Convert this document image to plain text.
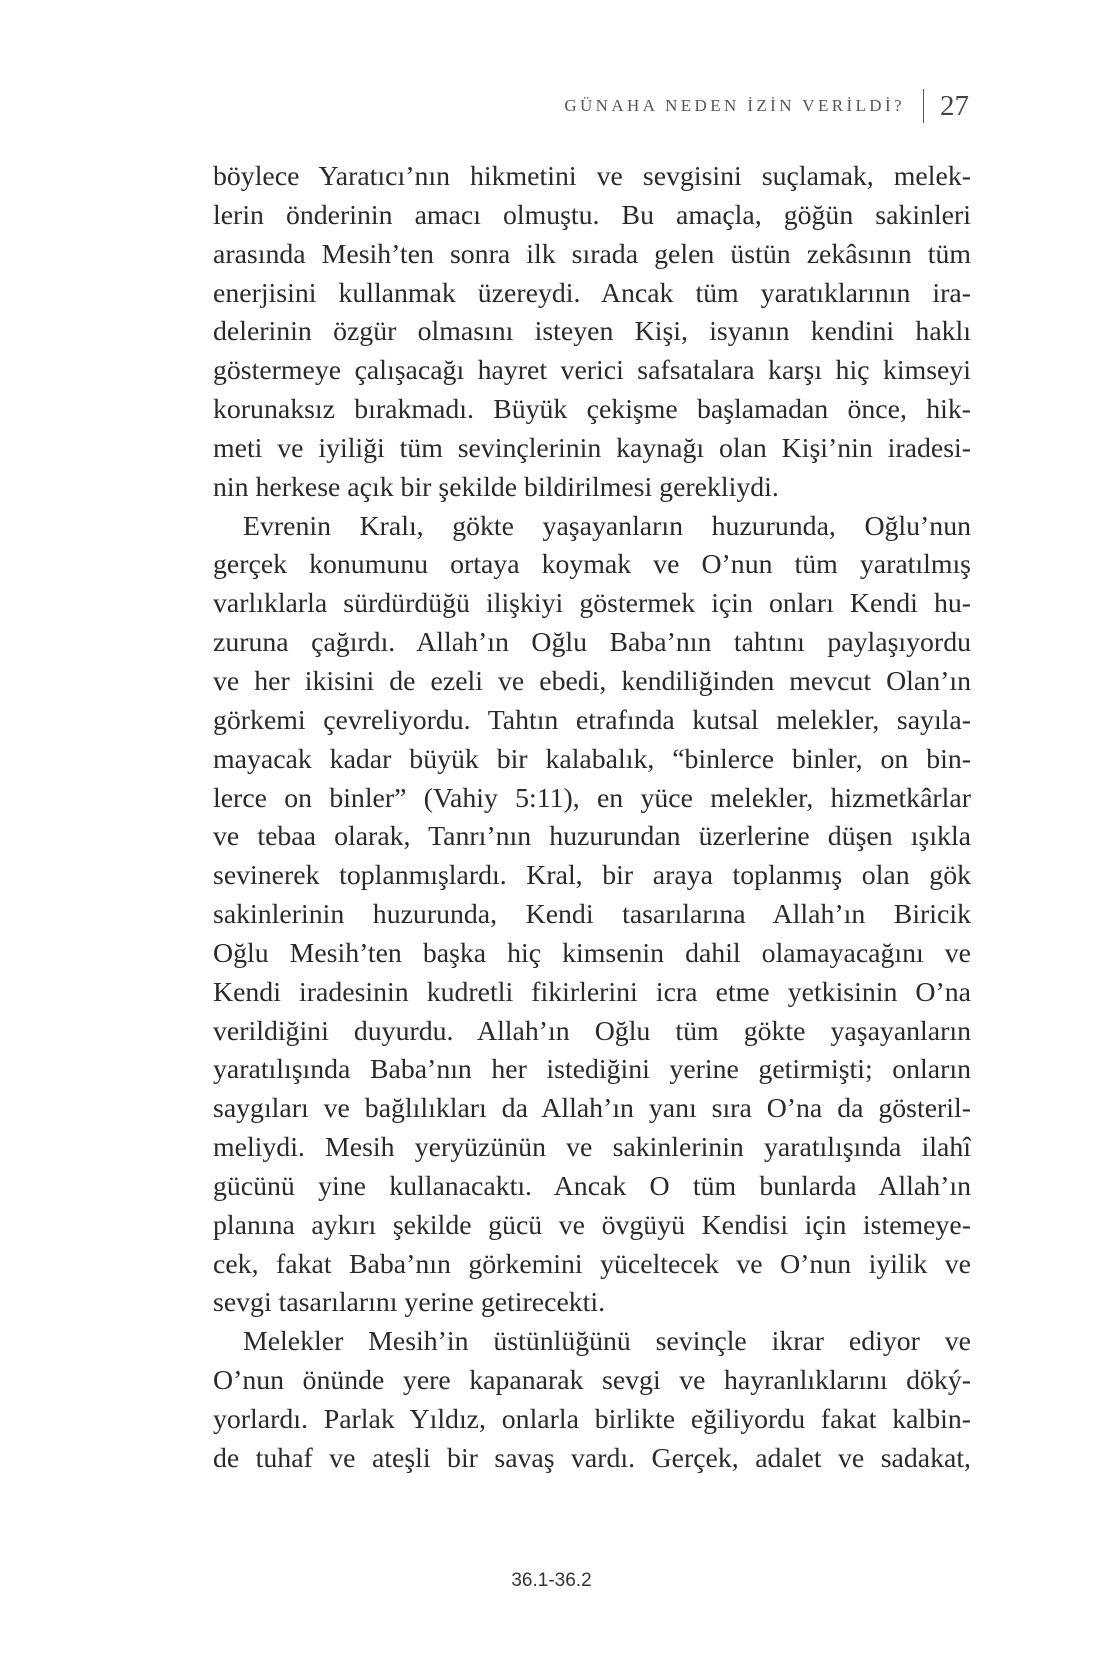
GÜNAHA NEDEN İZİN VERİLDİ? 27

böylece Yaratıcı’nın hikmetini ve sevgisini suçlamak, melek-
lerin önderinin amacı olmuştu. Bu amaçla, göğün sakinleri
arasında Mesih’ten sonra ilk sırada gelen üstün zekâsının tüm
enerjisini kullanmak üzereydi. Ancak tüm yaratıklarının ira-
delerinin özgür olmasını isteyen Kişi, isyanın kendini haklı
göstermeye çalışacağı hayret verici safsatalara karşı hiç kimseyi
korunaksız bırakmadı. Büyük çekişme başlamadan önce, hik-
meti ve iyiliği tüm sevinçlerinin kaynağı olan Kişi’nin iradesi-
nin herkese açık bir şekilde bildirilmesi gerekliydi.

Evrenin Kralı, gökte yaşayanların huzurunda, Oğlu’nun
gerçek konumunu ortaya koymak ve O’nun tüm yaratılmış
varlıklarla sürdürdüğü ilişkiyi göstermek için onları Kendi hu-
zuruna çağırdı. Allah’ın Oğlu Baba’nın tahtını paylaşıyordu
ve her ikisini de ezeli ve ebedi, kendiliğinden mevcut Olan’ın
görkemi çevreliyordu. Tahtın etrafında kutsal melekler, sayıla-
mayacak kadar büyük bir kalabalık, “binlerce binler, on bin-
lerce on binler” (Vahiy 5:11), en yüce melekler, hizmetkârlar
ve tebaa olarak, Tanrı’nın huzurundan üzerlerine düşen ışıkla
sevinerek toplanmışlardı. Kral, bir araya toplanmış olan gök
sakinlerinin huzurunda, Kendi tasarılarına Allah’ın Biricik
Oğlu Mesih’ten başka hiç kimsenin dahil olamayacağını ve
Kendi iradesinin kudretli fikirlerini icra etme yetkisinin O’na
verildiğini duyurdu. Allah’ın Oğlu tüm gökte yaşayanların
yaratılışında Baba’nın her istediğini yerine getirmişti; onların
saygıları ve bağlılıkları da Allah’ın yanı sıra O’na da gösteril-
meliydi. Mesih yeryüzünün ve sakinlerinin yaratılışında ilahî
gücünü yine kullanacaktı. Ancak O tüm bunlarda Allah’ın
planına aykırı şekilde gücü ve övgüyü Kendisi için istemeye-
cek, fakat Baba’nın görkemini yüceltecek ve O’nun iyilik ve
sevgi tasarılarını yerine getirecekti.

Melekler Mesih’in üstünlüğünü sevinçle ikrar ediyor ve
O’nun önünde yere kapanarak sevgi ve hayranlıklarını döký-
yorlardı. Parlak Yıldız, onlarla birlikte eğiliyordu fakat kalbin-
de tuhaf ve ateşli bir savaş vardı. Gerçek, adalet ve sadakat,

36.1-36.2
